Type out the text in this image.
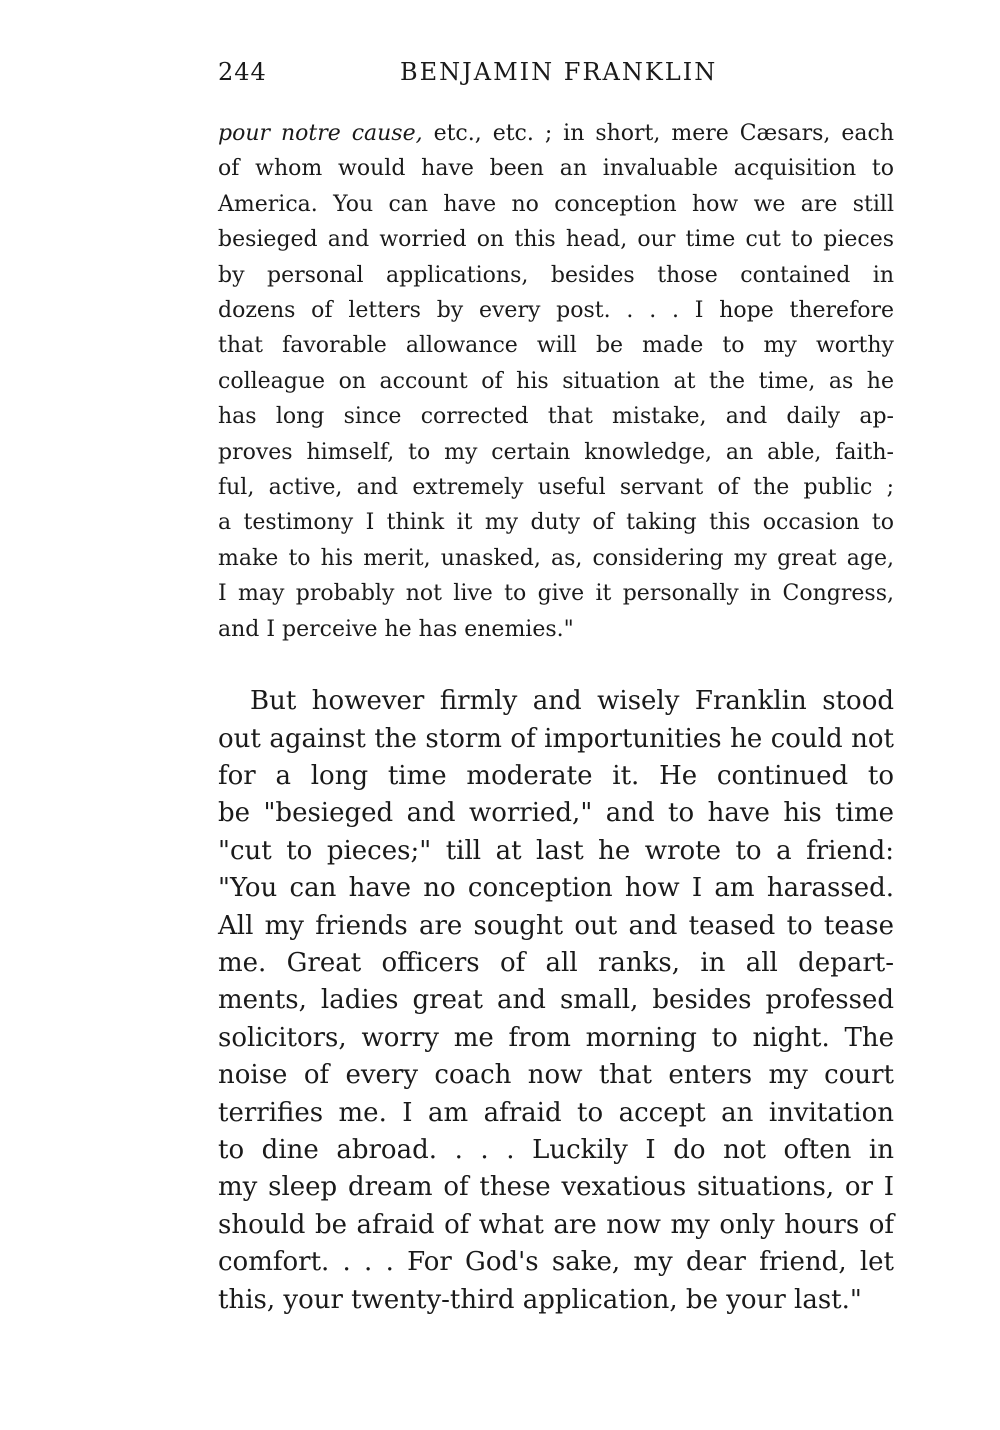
244	BENJAMIN FRANKLIN
pour notre cause, etc., etc. ; in short, mere Cæsars, each
of whom would have been an invaluable acquisition to
America. You can have no conception how we are still
besieged and worried on this head, our time cut to pieces
by personal applications, besides those contained in
dozens of letters by every post. . . . I hope therefore
that favorable allowance will be made to my worthy
colleague on account of his situation at the time, as he
has long since corrected that mistake, and daily ap-
proves himself, to my certain knowledge, an able, faith-
ful, active, and extremely useful servant of the public ;
a testimony I think it my duty of taking this occasion to
make to his merit, unasked, as, considering my great age,
I may probably not live to give it personally in Congress,
and I perceive he has enemies."
But however firmly and wisely Franklin stood
out against the storm of importunities he could not
for a long time moderate it. He continued to
be "besieged and worried," and to have his time
"cut to pieces;" till at last he wrote to a friend:
"You can have no conception how I am harassed.
All my friends are sought out and teased to tease
me. Great officers of all ranks, in all depart-
ments, ladies great and small, besides professed
solicitors, worry me from morning to night. The
noise of every coach now that enters my court
terrifies me. I am afraid to accept an invitation
to dine abroad. . . . Luckily I do not often in
my sleep dream of these vexatious situations, or I
should be afraid of what are now my only hours of
comfort. . . . For God's sake, my dear friend, let
this, your twenty-third application, be your last."
